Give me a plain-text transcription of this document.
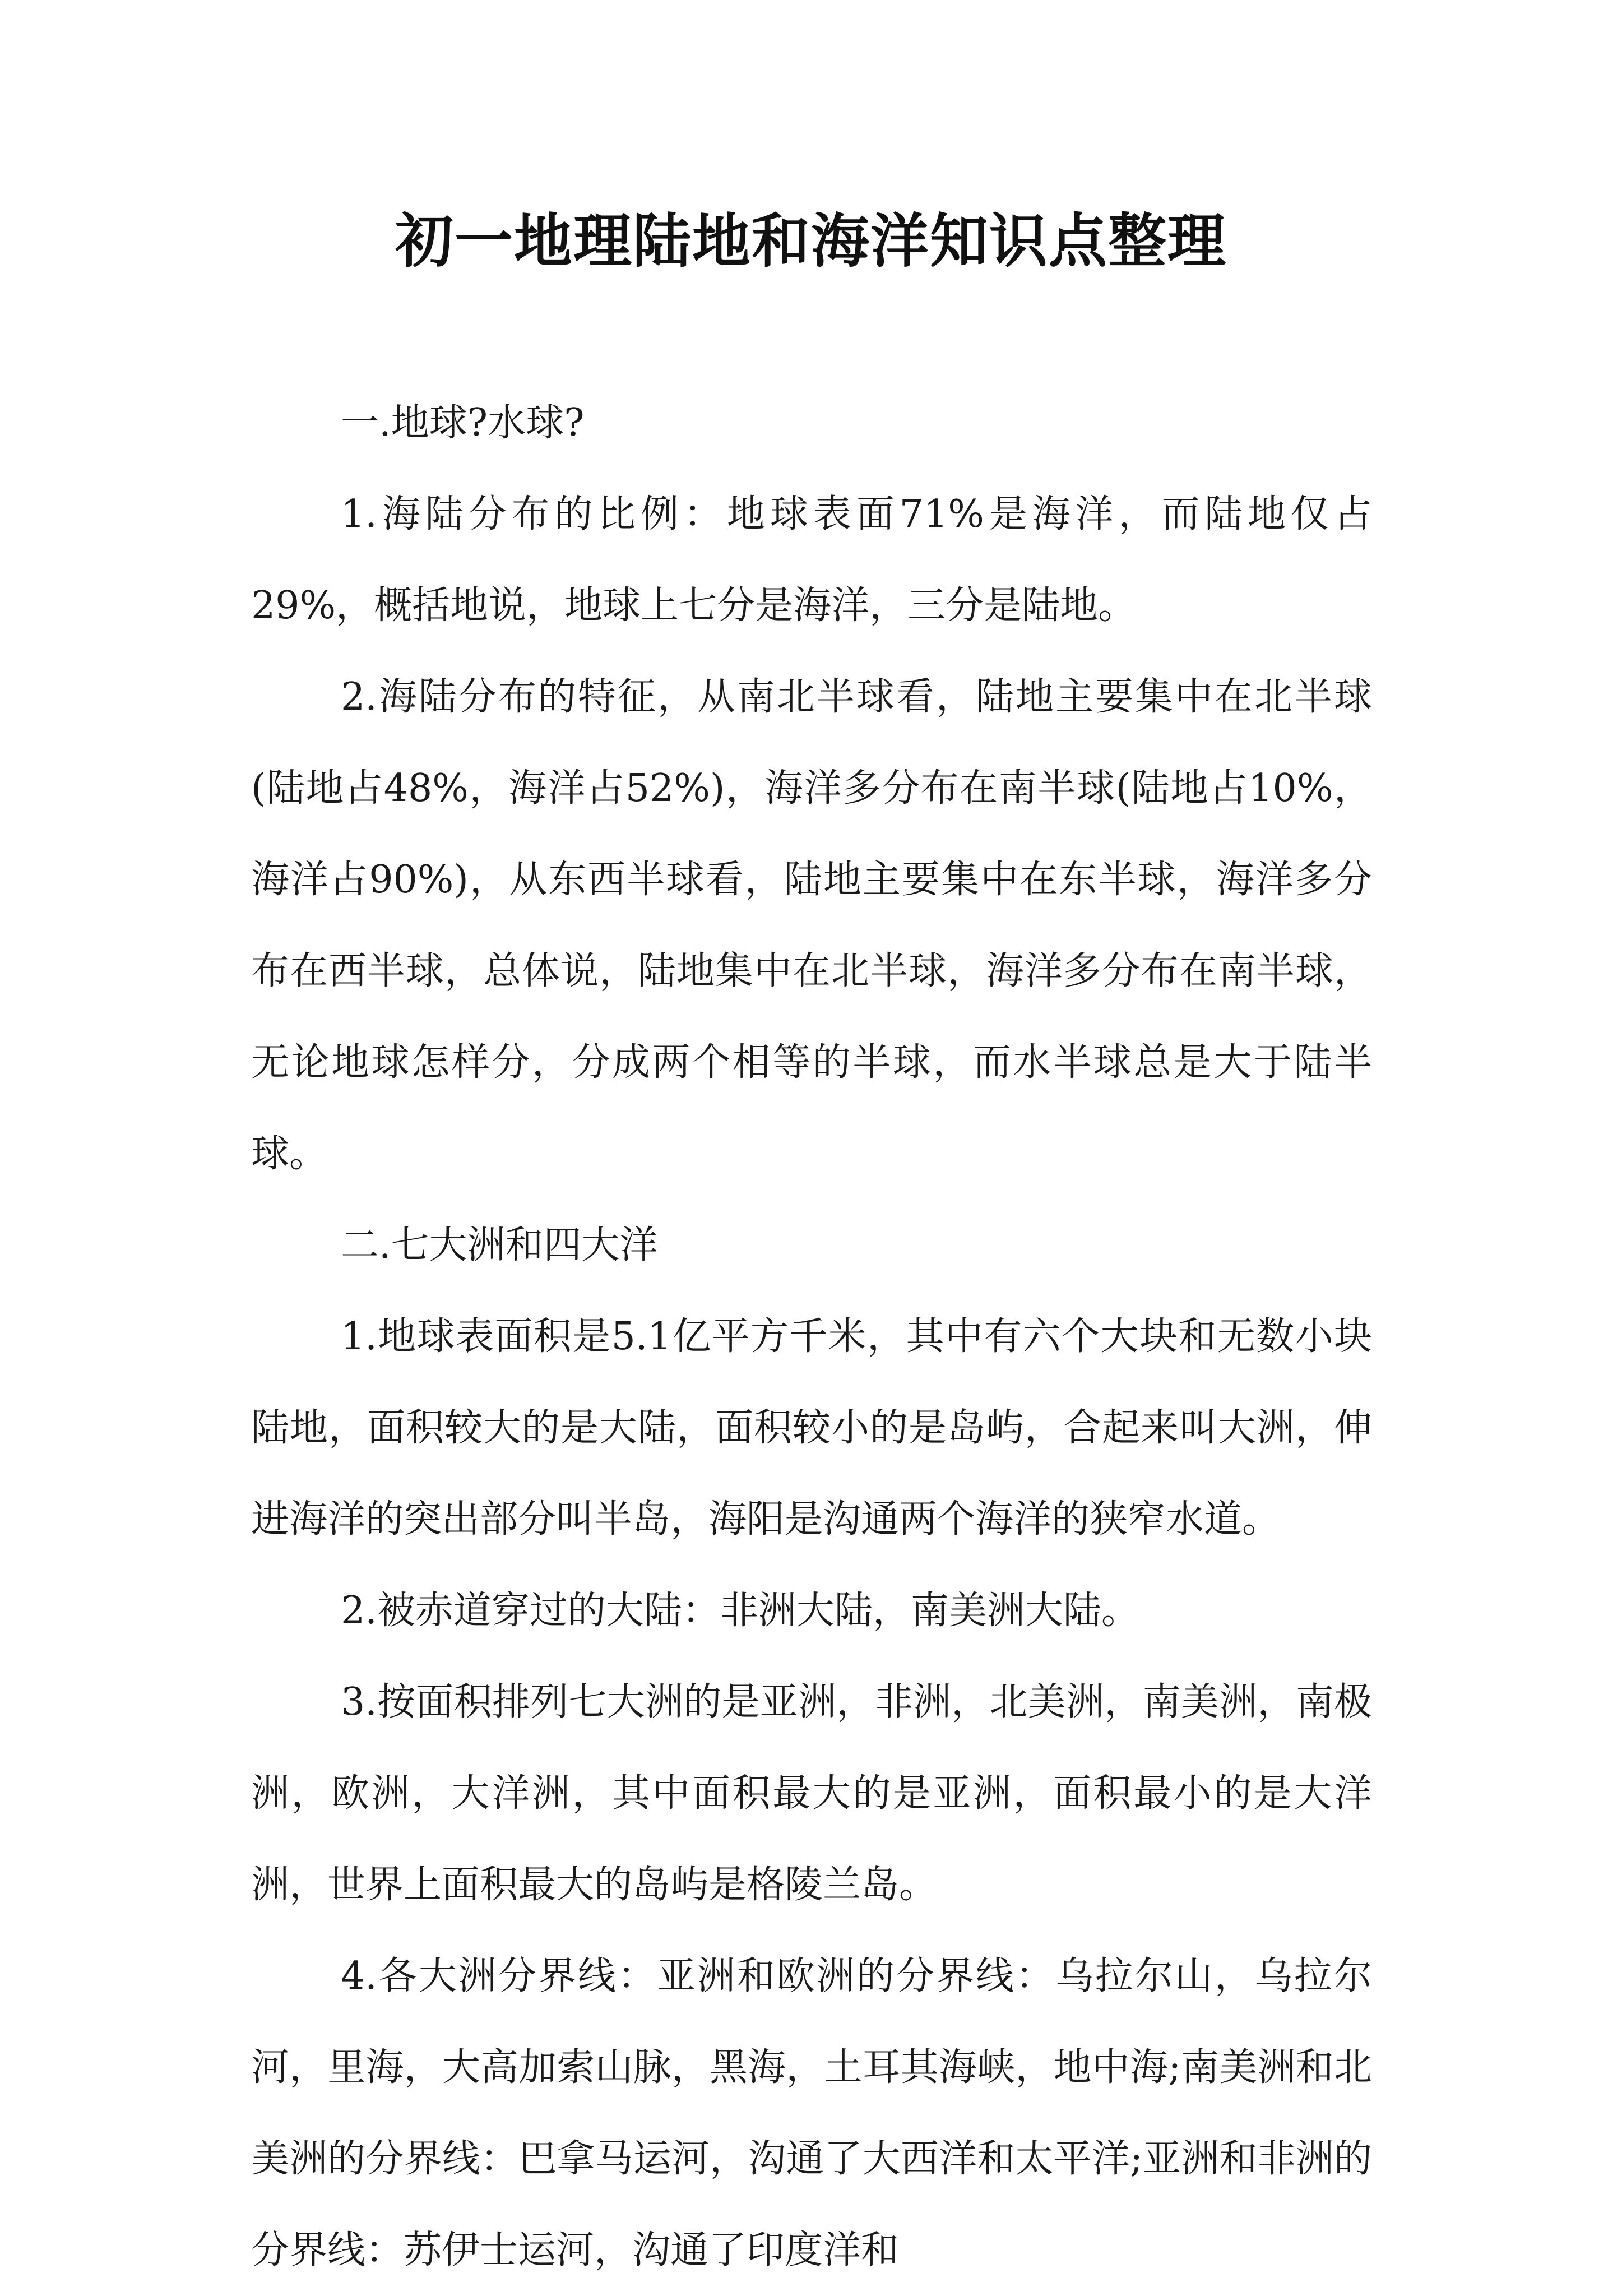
初一地理陆地和海洋知识点整理

一.地球?水球?

1.海陆分布的比例：地球表面71%是海洋，而陆地仅占29%，概括地说，地球上七分是海洋，三分是陆地。

2.海陆分布的特征，从南北半球看，陆地主要集中在北半球(陆地占48%，海洋占52%)，海洋多分布在南半球(陆地占10%，海洋占90%)，从东西半球看，陆地主要集中在东半球，海洋多分布在西半球，总体说，陆地集中在北半球，海洋多分布在南半球，无论地球怎样分，分成两个相等的半球，而水半球总是大于陆半球。

二.七大洲和四大洋

1.地球表面积是5.1亿平方千米，其中有六个大块和无数小块陆地，面积较大的是大陆，面积较小的是岛屿，合起来叫大洲，伸进海洋的突出部分叫半岛，海阳是沟通两个海洋的狭窄水道。

2.被赤道穿过的大陆：非洲大陆，南美洲大陆。

3.按面积排列七大洲的是亚洲，非洲，北美洲，南美洲，南极洲，欧洲，大洋洲，其中面积最大的是亚洲，面积最小的是大洋洲，世界上面积最大的岛屿是格陵兰岛。

4.各大洲分界线：亚洲和欧洲的分界线：乌拉尔山，乌拉尔河，里海，大高加索山脉，黑海，土耳其海峡，地中海;南美洲和北美洲的分界线：巴拿马运河，沟通了大西洋和太平洋;亚洲和非洲的分界线：苏伊士运河，沟通了印度洋和
